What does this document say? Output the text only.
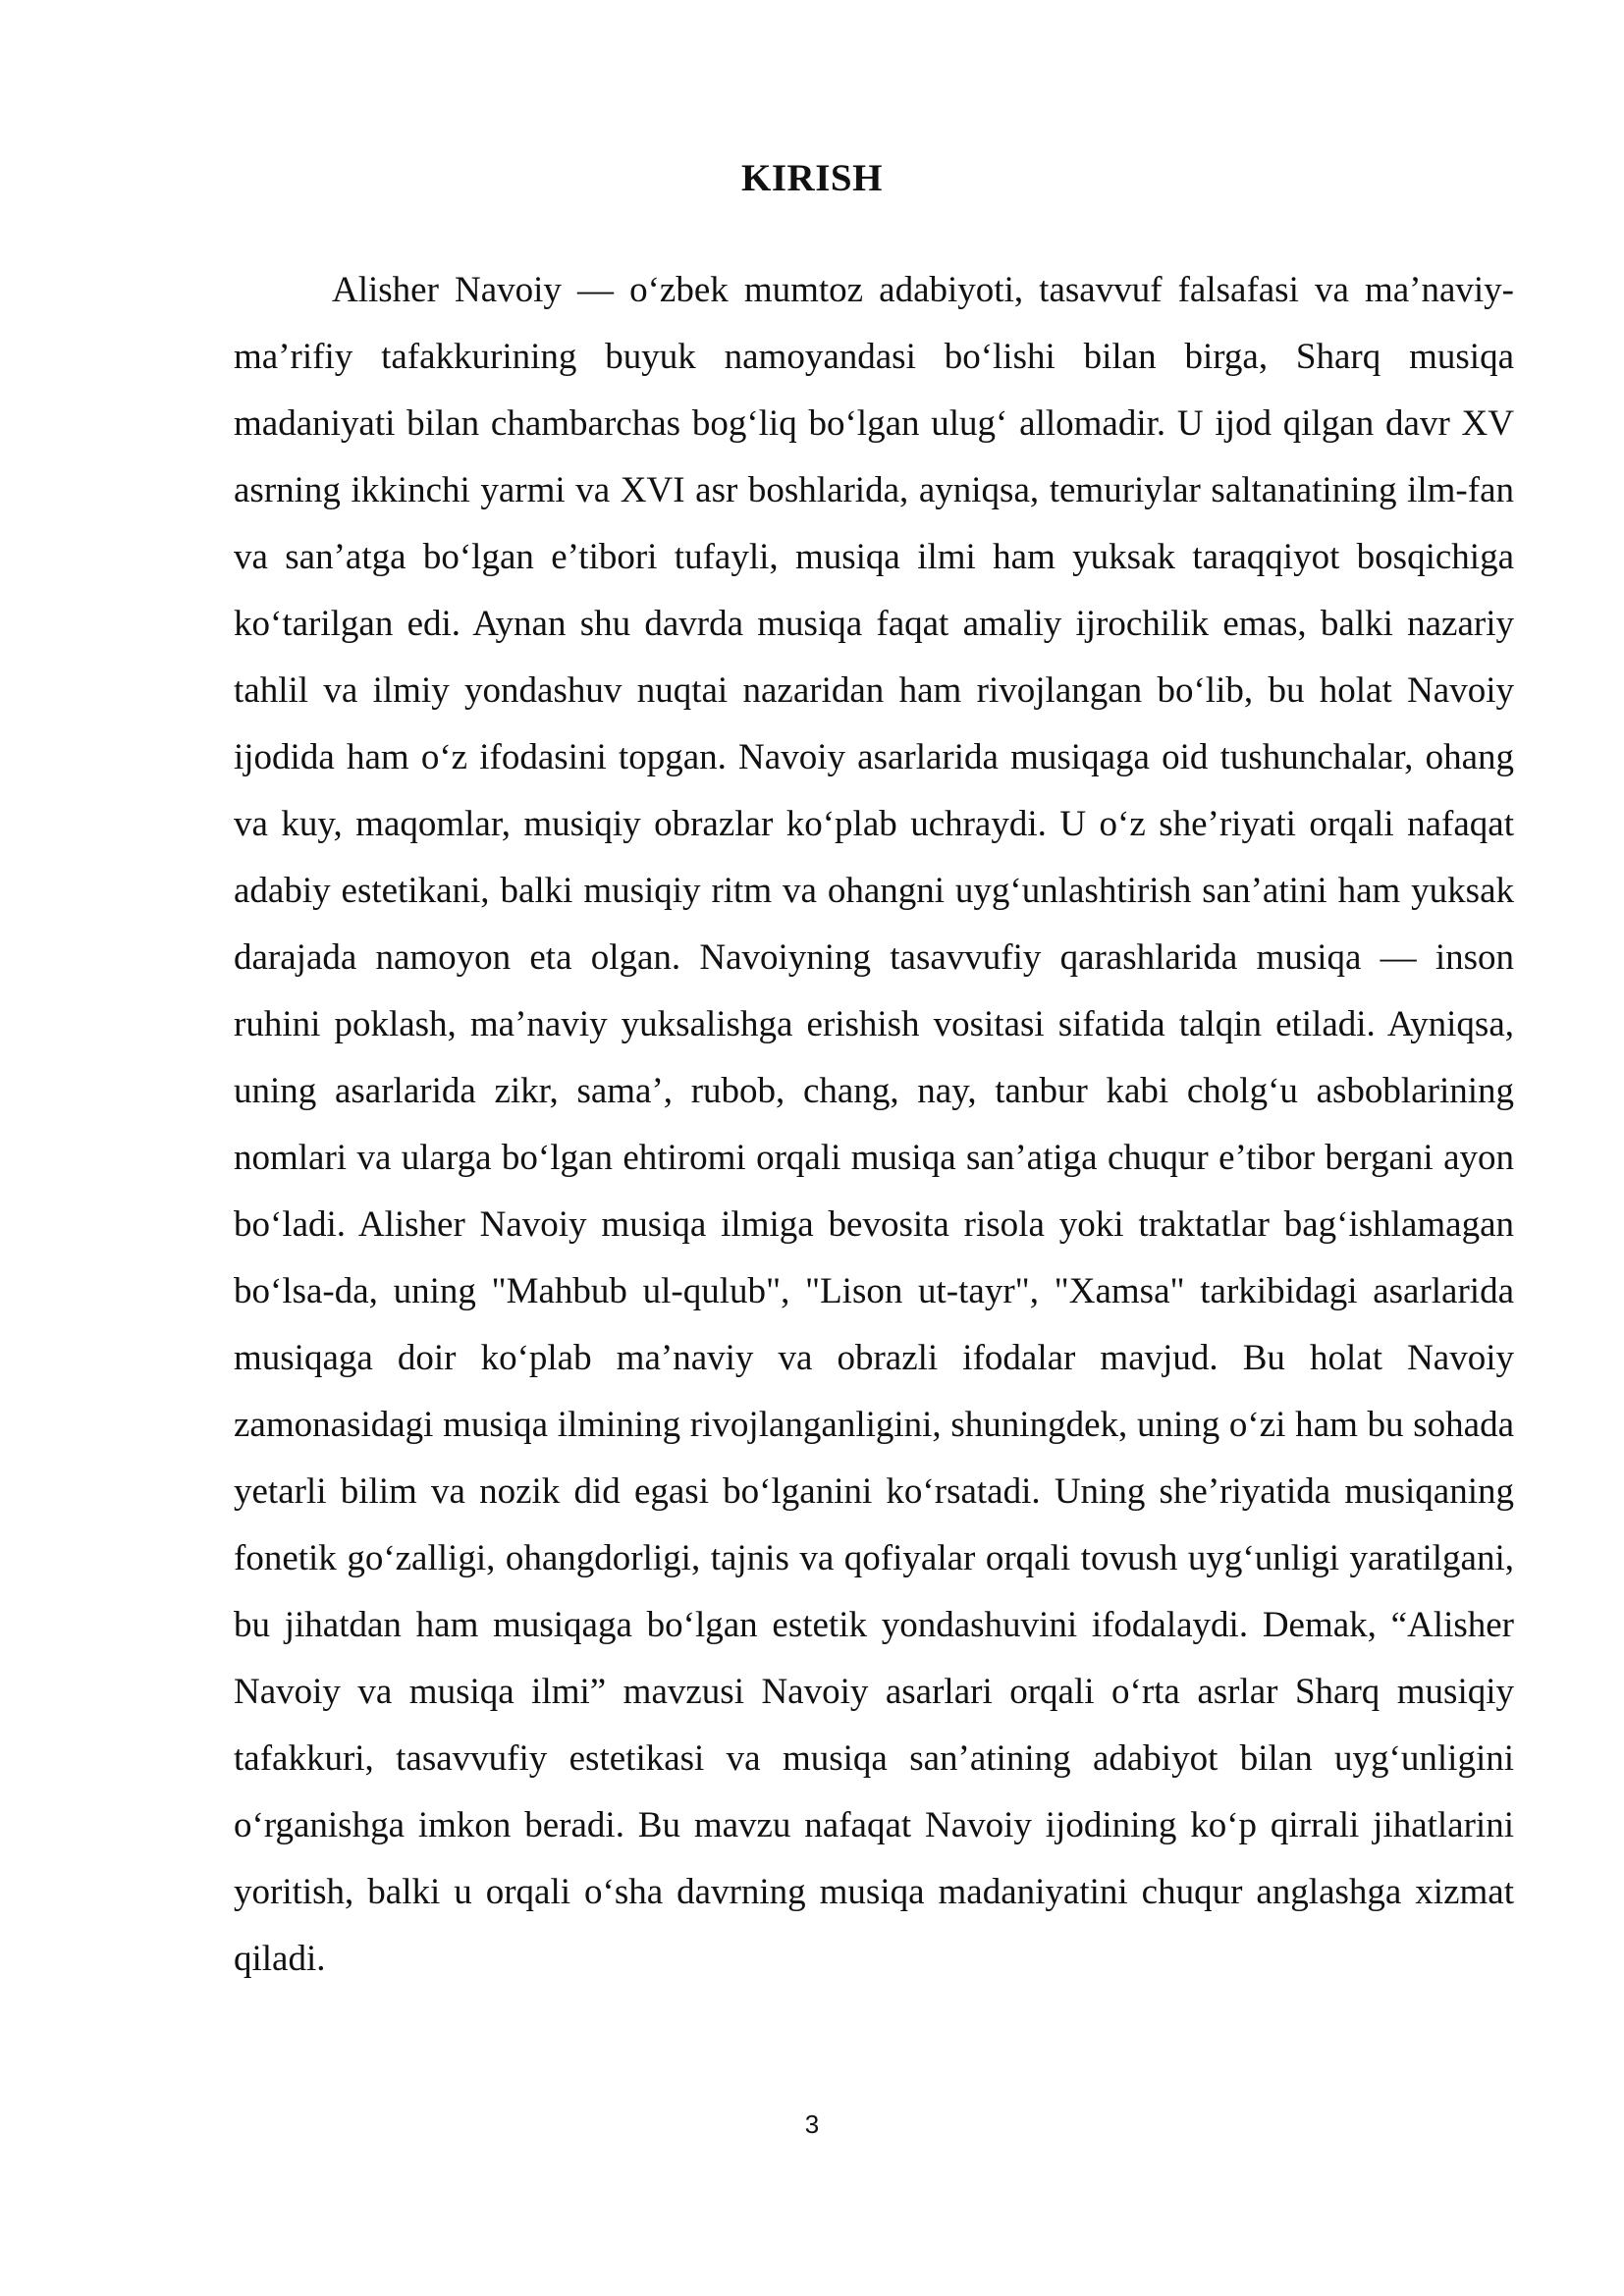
KIRISH

Alisher Navoiy — o‘zbek mumtoz adabiyoti, tasavvuf falsafasi va ma’naviy-ma’rifiy tafakkurining buyuk namoyandasi bo‘lishi bilan birga, Sharq musiqa madaniyati bilan chambarchas bog‘liq bo‘lgan ulug‘ allomadir. U ijod qilgan davr XV asrning ikkinchi yarmi va XVI asr boshlarida, ayniqsa, temuriylar saltanatining ilm-fan va san’atga bo‘lgan e’tibori tufayli, musiqa ilmi ham yuksak taraqqiyot bosqichiga ko‘tarilgan edi. Aynan shu davrda musiqa faqat amaliy ijrochilik emas, balki nazariy tahlil va ilmiy yondashuv nuqtai nazaridan ham rivojlangan bo‘lib, bu holat Navoiy ijodida ham o‘z ifodasini topgan. Navoiy asarlarida musiqaga oid tushunchalar, ohang va kuy, maqomlar, musiqiy obrazlar ko‘plab uchraydi. U o‘z she’riyati orqali nafaqat adabiy estetikani, balki musiqiy ritm va ohangni uyg‘unlashtirish san’atini ham yuksak darajada namoyon eta olgan. Navoiyning tasavvufiy qarashlarida musiqa — inson ruhini poklash, ma’naviy yuksalishga erishish vositasi sifatida talqin etiladi. Ayniqsa, uning asarlarida zikr, sama’, rubob, chang, nay, tanbur kabi cholg‘u asboblarining nomlari va ularga bo‘lgan ehtiromi orqali musiqa san’atiga chuqur e’tibor bergani ayon bo‘ladi. Alisher Navoiy musiqa ilmiga bevosita risola yoki traktatlar bag‘ishlamagan bo‘lsa-da, uning "Mahbub ul-qulub", "Lison ut-tayr", "Xamsa" tarkibidagi asarlarida musiqaga doir ko‘plab ma’naviy va obrazli ifodalar mavjud. Bu holat Navoiy zamonasidagi musiqa ilmining rivojlanganligini, shuningdek, uning o‘zi ham bu sohada yetarli bilim va nozik did egasi bo‘lganini ko‘rsatadi. Uning she’riyatida musiqaning fonetik go‘zalligi, ohangdorligi, tajnis va qofiyalar orqali tovush uyg‘unligi yaratilgani, bu jihatdan ham musiqaga bo‘lgan estetik yondashuvini ifodalaydi. Demak, “Alisher Navoiy va musiqa ilmi” mavzusi Navoiy asarlari orqali o‘rta asrlar Sharq musiqiy tafakkuri, tasavvufiy estetikasi va musiqa san’atining adabiyot bilan uyg‘unligini o‘rganishga imkon beradi. Bu mavzu nafaqat Navoiy ijodining ko‘p qirrali jihatlarini yoritish, balki u orqali o‘sha davrning musiqa madaniyatini chuqur anglashga xizmat qiladi.

3
